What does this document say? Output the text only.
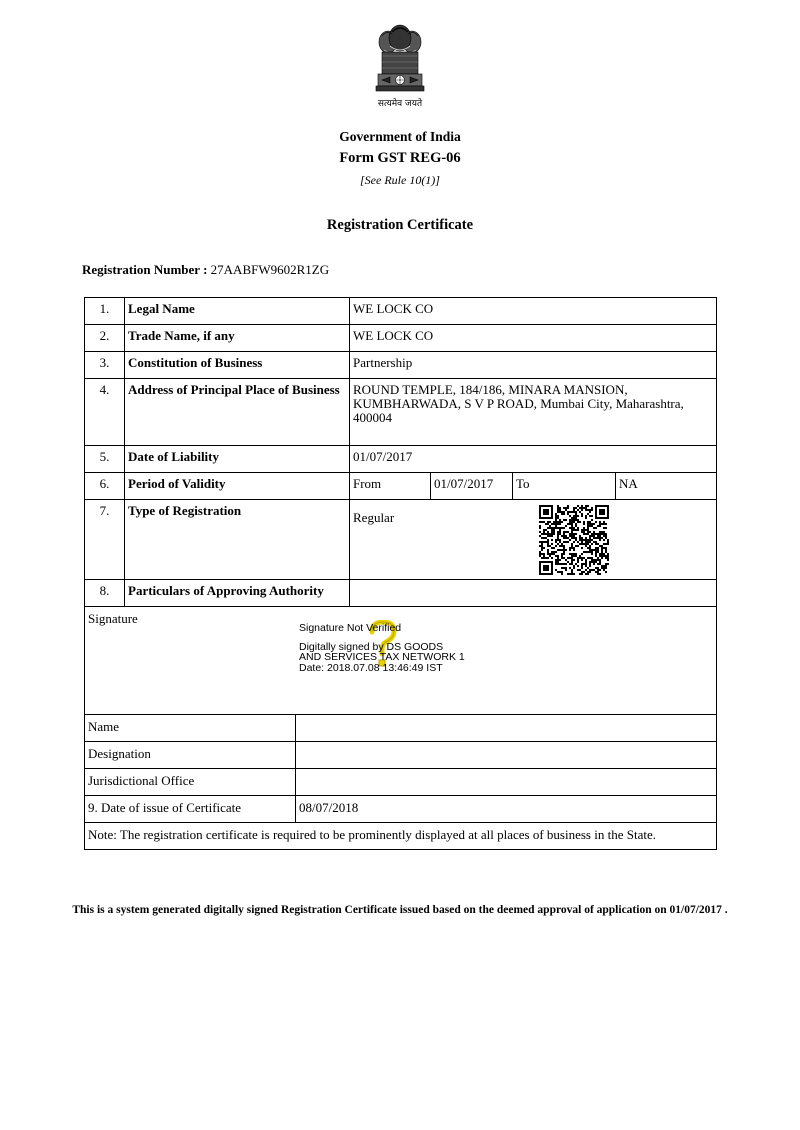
सत्यमेव जयते
Government of India
Form GST REG-06
[See Rule 10(1)]
Registration Certificate
Registration Number : 27AABFW9602R1ZG
1.	Legal Name	WE LOCK CO
2.	Trade Name, if any	WE LOCK CO
3.	Constitution of Business	Partnership
4.	Address of Principal Place of Business	ROUND TEMPLE, 184/186, MINARA MANSION, KUMBHARWADA, S V P ROAD, Mumbai City, Maharashtra, 400004
5.	Date of Liability	01/07/2017
6.	Period of Validity	From 01/07/2017 To NA

7.	Type of Registration	Regular
8.	Particulars of Approving Authority	
Signature
Signature Not Verified
Digitally signed by DS GOODS
AND SERVICES TAX NETWORK 1
Date: 2018.07.08 13:46:49 IST
Name	
Designation	
Jurisdictional Office	
9. Date of issue of Certificate	08/07/2018
Note: The registration certificate is required to be prominently displayed at all places of business in the State.	
This is a system generated digitally signed Registration Certificate issued based on the deemed approval of application on 01/07/2017 .
